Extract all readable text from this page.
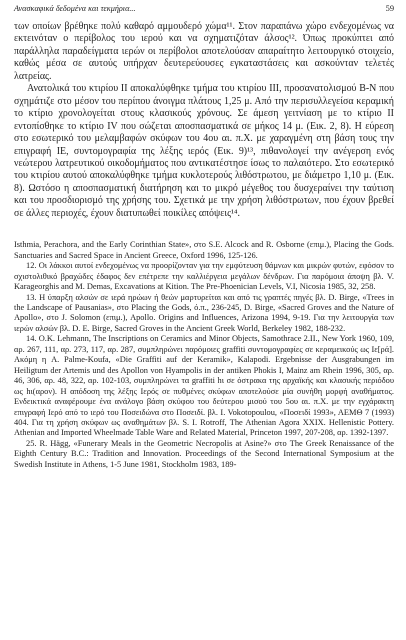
Ανασκαφικά δεδομένα και τεκμήρια...	59

των οποίων βρέθηκε πολύ καθαρό αμμουδερό χώμα¹¹. Στον παραπάνω χώρο ενδεχομένως να εκτεινόταν ο περίβολος του ιερού και να σχηματιζόταν άλσος¹². Όπως προκύπτει από παράλληλα παραδείγματα ιερών οι περίβολοι αποτελούσαν απαραίτητο λειτουργικό στοιχείο, καθώς μέσα σε αυτούς υπήρχαν δευτερεύουσες εγκαταστάσεις και ασκούνταν τελετές λατρείας.

Ανατολικά του κτιρίου ΙΙ αποκαλύφθηκε τμήμα του κτιρίου ΙΙΙ, προσανατολισμού Β-Ν που σχημάτιζε στο μέσον του περίπου άνοιγμα πλάτους 1,25 μ. Από την περισυλλεγείσα κεραμική το κτίριο χρονολογείται στους κλασικούς χρόνους. Σε άμεση γειτνίαση με το κτίριο ΙΙ εντοπίσθηκε το κτίριο IV που σώζεται αποσπασματικά σε μήκος 14 μ. (Εικ. 2, 8). Η εύρεση στο εσωτερικό του μελαμβαφών σκύφων του 4ου αι. π.Χ. με χαραγμένη στη βάση τους την επιγραφή ΙΕ, συντομογραφία της λέξης ιερός (Εικ. 9)¹³, πιθανολογεί την ανέγερση ενός νεώτερου λατρευτικού οικοδομήματος που αντικατέστησε ίσως το παλαιότερο. Στο εσωτερικό του κτιρίου αυτού αποκαλύφθηκε τμήμα κυκλοτερούς λιθόστρωτου, με διάμετρο 1,10 μ. (Εικ. 8). Ωστόσο η αποσπασματική διατήρηση και το μικρό μέγεθος του δυσχεραίνει την ταύτιση και του προσδιορισμό της χρήσης του. Σχετικά με την χρήση λιθόστρωτων, που έχουν βρεθεί σε άλλες περιοχές, έχουν διατυπωθεί ποικίλες απόψεις¹⁴.

Isthmia, Perachora, and the Early Corinthian State», στο S.E. Alcock and R. Osborne (επιμ.), Placing the Gods. Sanctuaries and Sacred Space in Ancient Greece, Oxford 1996, 125-126.

12. Οι λάκκοι αυτοί ενδεχομένως να προορίζονταν για την εμφύτευση θάμνων και μικρών φυτών, εφόσον το σχιστολιθικό βραχώδες έδαφος δεν επέτρεπε την καλλιέργεια μεγάλων δένδρων. Για παρόμοια άποψη βλ. V. Karageorghis and M. Demas, Excavations at Kition. The Pre-Phoenician Levels, V.I, Nicosia 1985, 32, 258.

13. Η ύπαρξη αλσών σε ιερά ηρώων ή θεών μαρτυρείται και από τις γραπτές πηγές βλ. D. Birge, «Trees in the Landscape of Pausanias», στο Placing the Gods, ό.π., 236-245, D. Birge, «Sacred Groves and the Nature of Apollo», στο J. Solomon (επιμ.), Apollo. Origins and Influences, Arizona 1994, 9-19. Για την λειτουργία των ιερών αλσών βλ. D. E. Birge, Sacred Groves in the Ancient Greek World, Berkeley 1982, 188-232.

14. Ο.K. Lehmann, The Inscriptions on Ceramics and Minor Objects, Samothrace 2.II., New York 1960, 109, αρ. 267, 111, αρ. 273, 117, αρ. 287, συμπληρώνει παρόμοιες graffiti συντομογραφίες σε κεραμεικούς ως Ιε[ρά]. Ακόμη η A. Palme-Koufa, «Die Graffiti auf der Keramik», Kalapodi. Ergebnisse der Ausgrabungen im Heiligtum der Artemis und des Apollon von Hyampolis in der antiken Phokis I, Mainz am Rhein 1996, 305, αρ. 46, 306, αρ. 48, 322, αρ. 102-103, συμπληρώνει τα graffiti hι σε όστρακα της αρχαϊκής και κλασικής περιόδου ως hι(αρον). Η απόδοση της λέξης Ιερός σε πυθμένες σκύφων αποτελούσε μία συνήθη μορφή αναθήματος. Ενδεικτικά αναφέρουμε ένα ανάλογο βάση σκύφου του δεύτερου μισού του 5ου αι. π.Χ. με την εγχάρακτη επιγραφή Ιερό από το ιερό του Ποσειδώνα στο Ποσειδί. βλ. I. Vokotopoulou, «Ποσειδί 1993», ΑΕΜΘ 7 (1993) 404. Για τη χρήση σκύφων ως αναθημάτων βλ. S. I. Rotroff, The Athenian Agora XXIX. Hellenistic Pottery. Athenian and Imported Wheelmade Table Ware and Related Material, Princeton 1997, 207-208, αρ. 1392-1397.

25. R. Hägg, «Funerary Meals in the Geometric Necropolis at Asine?» στο The Greek Renaissance of the Eighth Century B.C.: Tradition and Innovation. Proceedings of the Second International Symposium at the Swedish Institute in Athens, 1-5 June 1981, Stockholm 1983, 189-
